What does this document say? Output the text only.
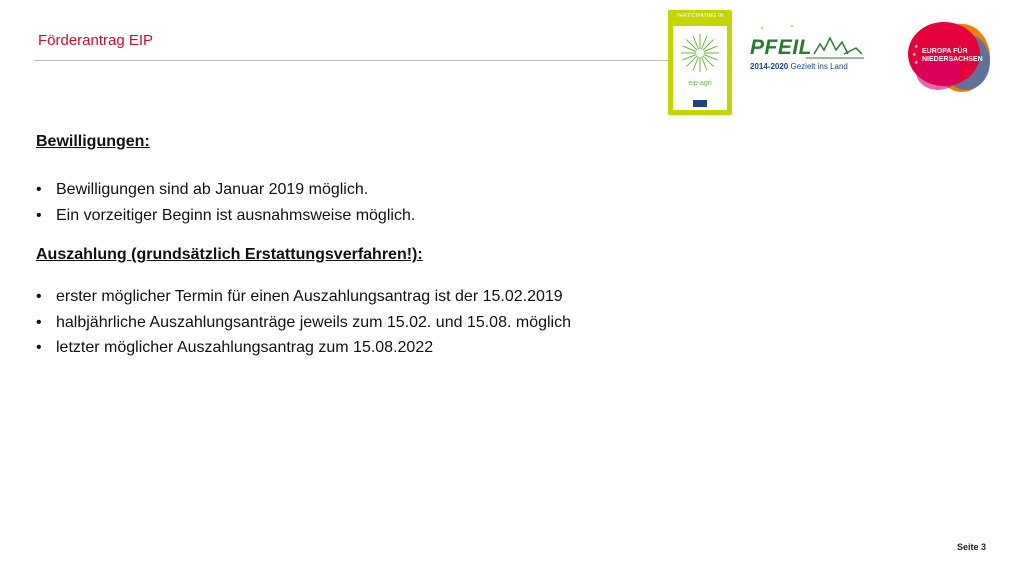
Förderantrag EIP
PARTICIPATING IN
eip-agri
PFEIL
2014-2020 Gezielt ins Land
★
★
★
EUROPA FÜR
NIEDERSACHSEN
Bewilligungen:
• Bewilligungen sind ab Januar 2019 möglich.
• Ein vorzeitiger Beginn ist ausnahmsweise möglich.
Auszahlung (grundsätzlich Erstattungsverfahren!):
• erster möglicher Termin für einen Auszahlungsantrag ist der 15.02.2019
• halbjährliche Auszahlungsanträge jeweils zum 15.02. und 15.08. möglich
• letzter möglicher Auszahlungsantrag zum 15.08.2022
Seite 3
